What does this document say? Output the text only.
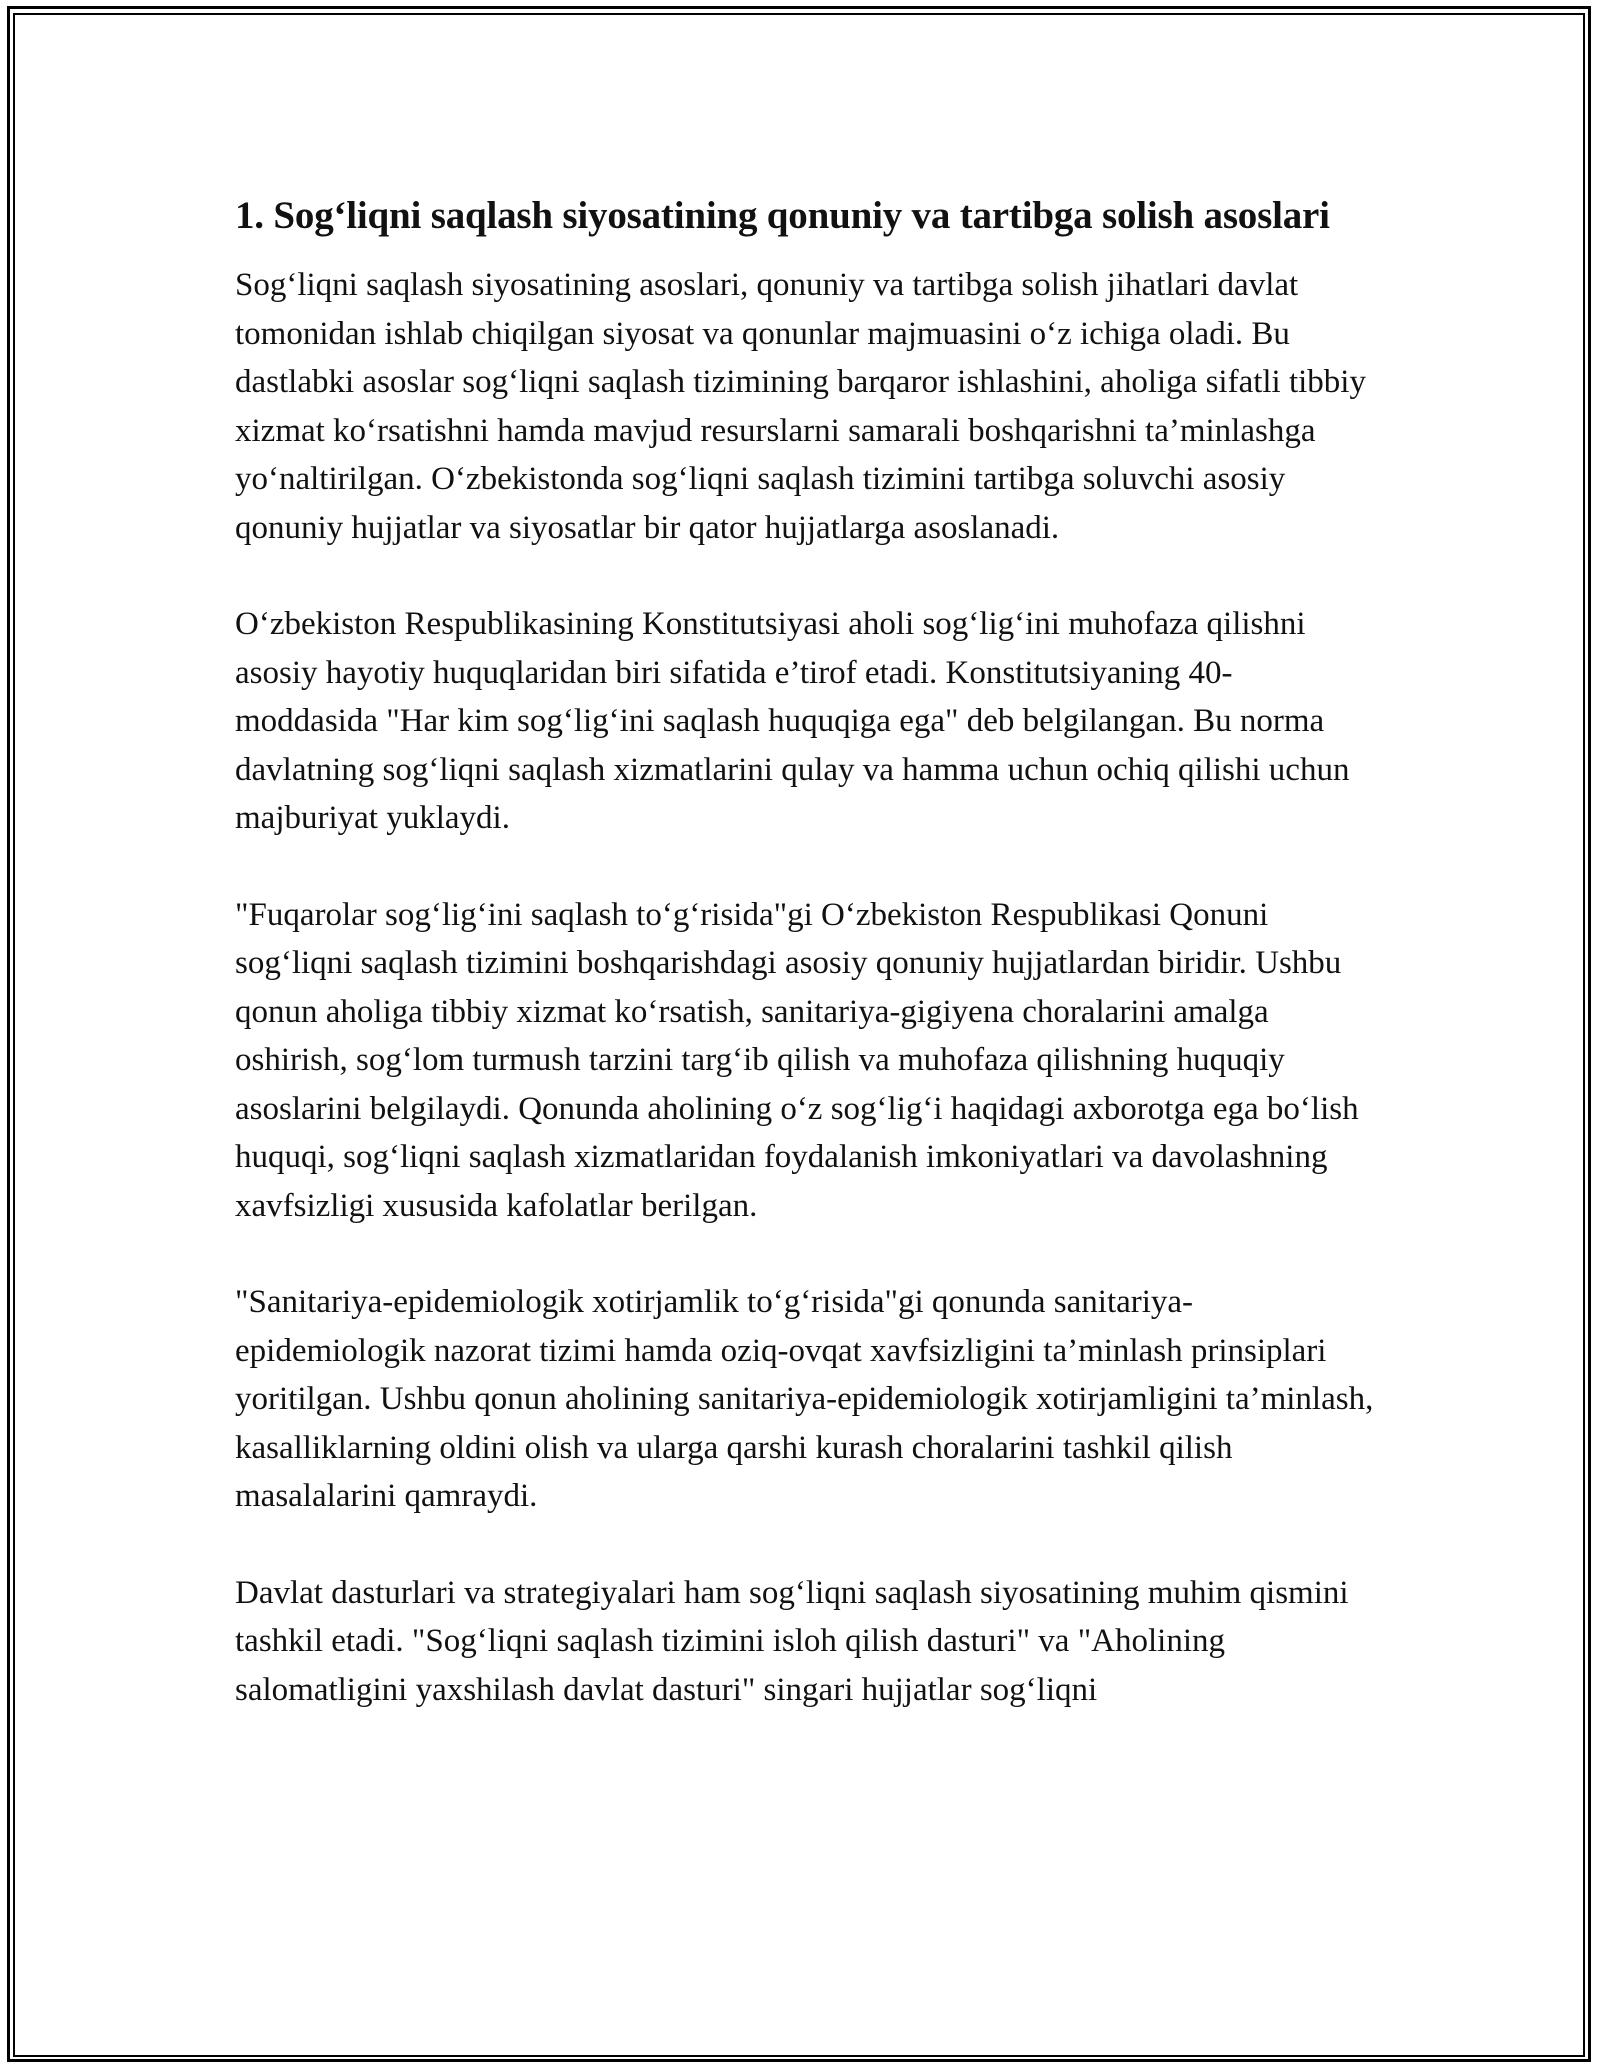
1. Sog‘liqni saqlash siyosatining qonuniy va tartibga solish asoslari

Sog‘liqni saqlash siyosatining asoslari, qonuniy va tartibga solish jihatlari davlat tomonidan ishlab chiqilgan siyosat va qonunlar majmuasini o‘z ichiga oladi. Bu dastlabki asoslar sog‘liqni saqlash tizimining barqaror ishlashini, aholiga sifatli tibbiy xizmat ko‘rsatishni hamda mavjud resurslarni samarali boshqarishni ta’minlashga yo‘naltirilgan. O‘zbekistonda sog‘liqni saqlash tizimini tartibga soluvchi asosiy qonuniy hujjatlar va siyosatlar bir qator hujjatlarga asoslanadi.

O‘zbekiston Respublikasining Konstitutsiyasi aholi sog‘lig‘ini muhofaza qilishni asosiy hayotiy huquqlaridan biri sifatida e’tirof etadi. Konstitutsiyaning 40-moddasida "Har kim sog‘lig‘ini saqlash huquqiga ega" deb belgilangan. Bu norma davlatning sog‘liqni saqlash xizmatlarini qulay va hamma uchun ochiq qilishi uchun majburiyat yuklaydi.

"Fuqarolar sog‘lig‘ini saqlash to‘g‘risida"gi O‘zbekiston Respublikasi Qonuni sog‘liqni saqlash tizimini boshqarishdagi asosiy qonuniy hujjatlardan biridir. Ushbu qonun aholiga tibbiy xizmat ko‘rsatish, sanitariya-gigiyena choralarini amalga oshirish, sog‘lom turmush tarzini targ‘ib qilish va muhofaza qilishning huquqiy asoslarini belgilaydi. Qonunda aholining o‘z sog‘lig‘i haqidagi axborotga ega bo‘lish huquqi, sog‘liqni saqlash xizmatlaridan foydalanish imkoniyatlari va davolashning xavfsizligi xususida kafolatlar berilgan.

"Sanitariya-epidemiologik xotirjamlik to‘g‘risida"gi qonunda sanitariya-epidemiologik nazorat tizimi hamda oziq-ovqat xavfsizligini ta’minlash prinsiplari yoritilgan. Ushbu qonun aholining sanitariya-epidemiologik xotirjamligini ta’minlash, kasalliklarning oldini olish va ularga qarshi kurash choralarini tashkil qilish masalalarini qamraydi.

Davlat dasturlari va strategiyalari ham sog‘liqni saqlash siyosatining muhim qismini tashkil etadi. "Sog‘liqni saqlash tizimini isloh qilish dasturi" va "Aholining salomatligini yaxshilash davlat dasturi" singari hujjatlar sog‘liqni
